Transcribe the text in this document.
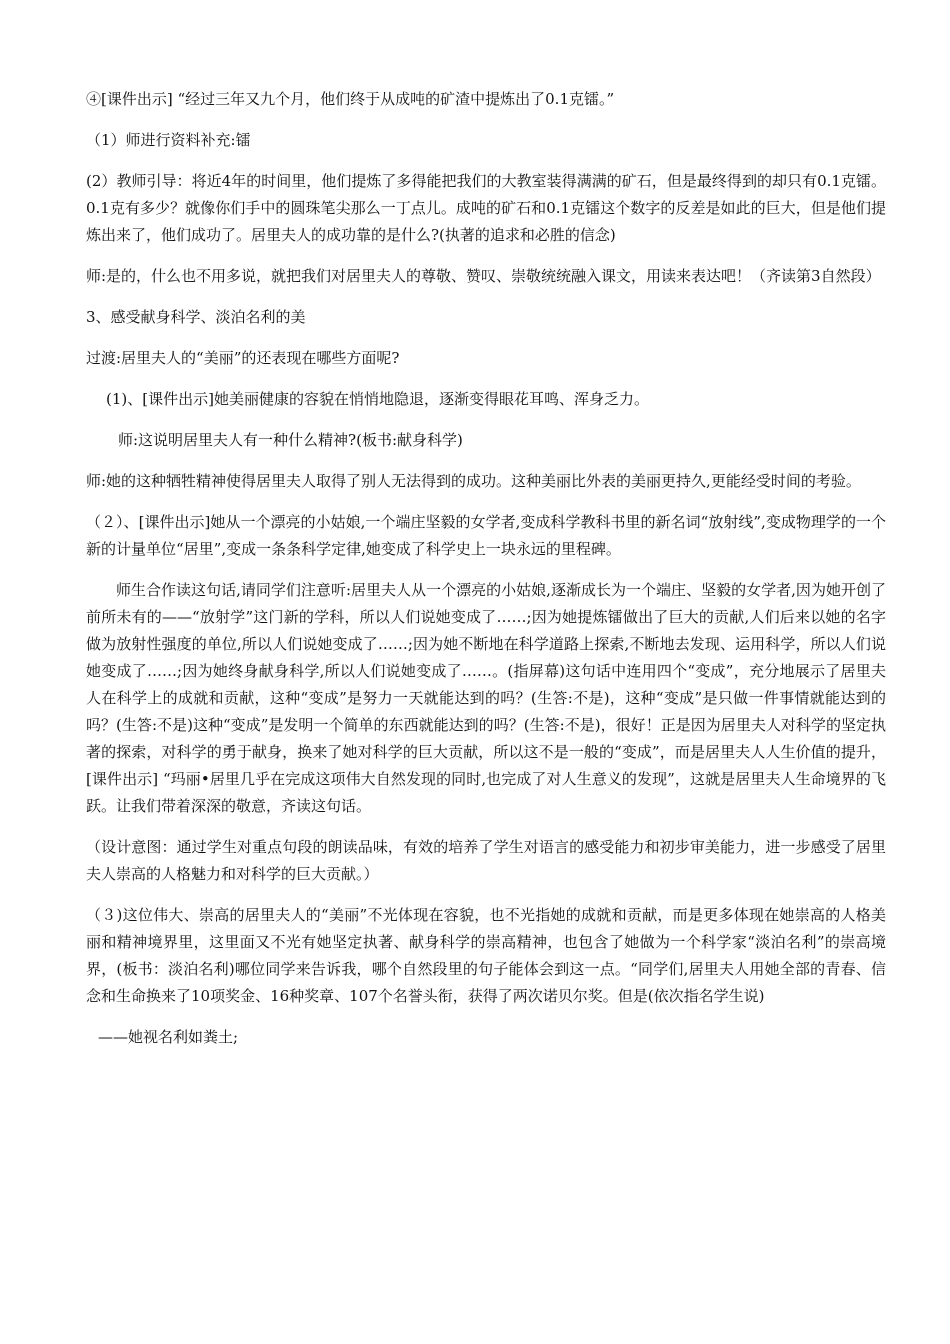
④[课件出示] “经过三年又九个月，他们终于从成吨的矿渣中提炼出了0.1克镭。”

（1）师进行资料补充:镭

(2）教师引导：将近4年的时间里，他们提炼了多得能把我们的大教室装得满满的矿石，但是最终得到的却只有0.1克镭。0.1克有多少？就像你们手中的圆珠笔尖那么一丁点儿。成吨的矿石和0.1克镭这个数字的反差是如此的巨大，但是他们提炼出来了，他们成功了。居里夫人的成功靠的是什么?(执著的追求和必胜的信念)

师:是的，什么也不用多说，就把我们对居里夫人的尊敬、赞叹、崇敬统统融入课文，用读来表达吧！（齐读第3自然段）

3、感受献身科学、淡泊名利的美

过渡:居里夫人的“美丽”的还表现在哪些方面呢?

(1)、[课件出示]她美丽健康的容貌在悄悄地隐退，逐渐变得眼花耳鸣、浑身乏力。

师:这说明居里夫人有一种什么精神?(板书:献身科学)

师:她的这种牺牲精神使得居里夫人取得了别人无法得到的成功。这种美丽比外表的美丽更持久,更能经受时间的考验。

（２）、[课件出示]她从一个漂亮的小姑娘,一个端庄坚毅的女学者,变成科学教科书里的新名词“放射线”,变成物理学的一个新的计量单位“居里”,变成一条条科学定律,她变成了科学史上一块永远的里程碑。

师生合作读这句话,请同学们注意听:居里夫人从一个漂亮的小姑娘,逐渐成长为一个端庄、坚毅的女学者,因为她开创了前所未有的——“放射学”这门新的学科，所以人们说她变成了……;因为她提炼镭做出了巨大的贡献,人们后来以她的名字做为放射性强度的单位,所以人们说她变成了……;因为她不断地在科学道路上探索,不断地去发现、运用科学，所以人们说她变成了……;因为她终身献身科学,所以人们说她变成了……。(指屏幕)这句话中连用四个“变成”，充分地展示了居里夫人在科学上的成就和贡献，这种“变成”是努力一天就能达到的吗？(生答:不是)，这种“变成”是只做一件事情就能达到的吗？(生答:不是)这种“变成”是发明一个简单的东西就能达到的吗？(生答:不是)，很好！正是因为居里夫人对科学的坚定执著的探索，对科学的勇于献身，换来了她对科学的巨大贡献，所以这不是一般的“变成”，而是居里夫人人生价值的提升，[课件出示] “玛丽•居里几乎在完成这项伟大自然发现的同时,也完成了对人生意义的发现”，这就是居里夫人生命境界的飞跃。让我们带着深深的敬意，齐读这句话。

（设计意图：通过学生对重点句段的朗读品味，有效的培养了学生对语言的感受能力和初步审美能力，进一步感受了居里夫人崇高的人格魅力和对科学的巨大贡献。）

（３)这位伟大、崇高的居里夫人的“美丽”不光体现在容貌，也不光指她的成就和贡献，而是更多体现在她崇高的人格美丽和精神境界里，这里面又不光有她坚定执著、献身科学的崇高精神，也包含了她做为一个科学家“淡泊名利”的崇高境界，(板书：淡泊名利)哪位同学来告诉我，哪个自然段里的句子能体会到这一点。“同学们,居里夫人用她全部的青春、信念和生命换来了10项奖金、16种奖章、107个名誉头衔，获得了两次诺贝尔奖。但是(依次指名学生说)

——她视名利如粪土;
